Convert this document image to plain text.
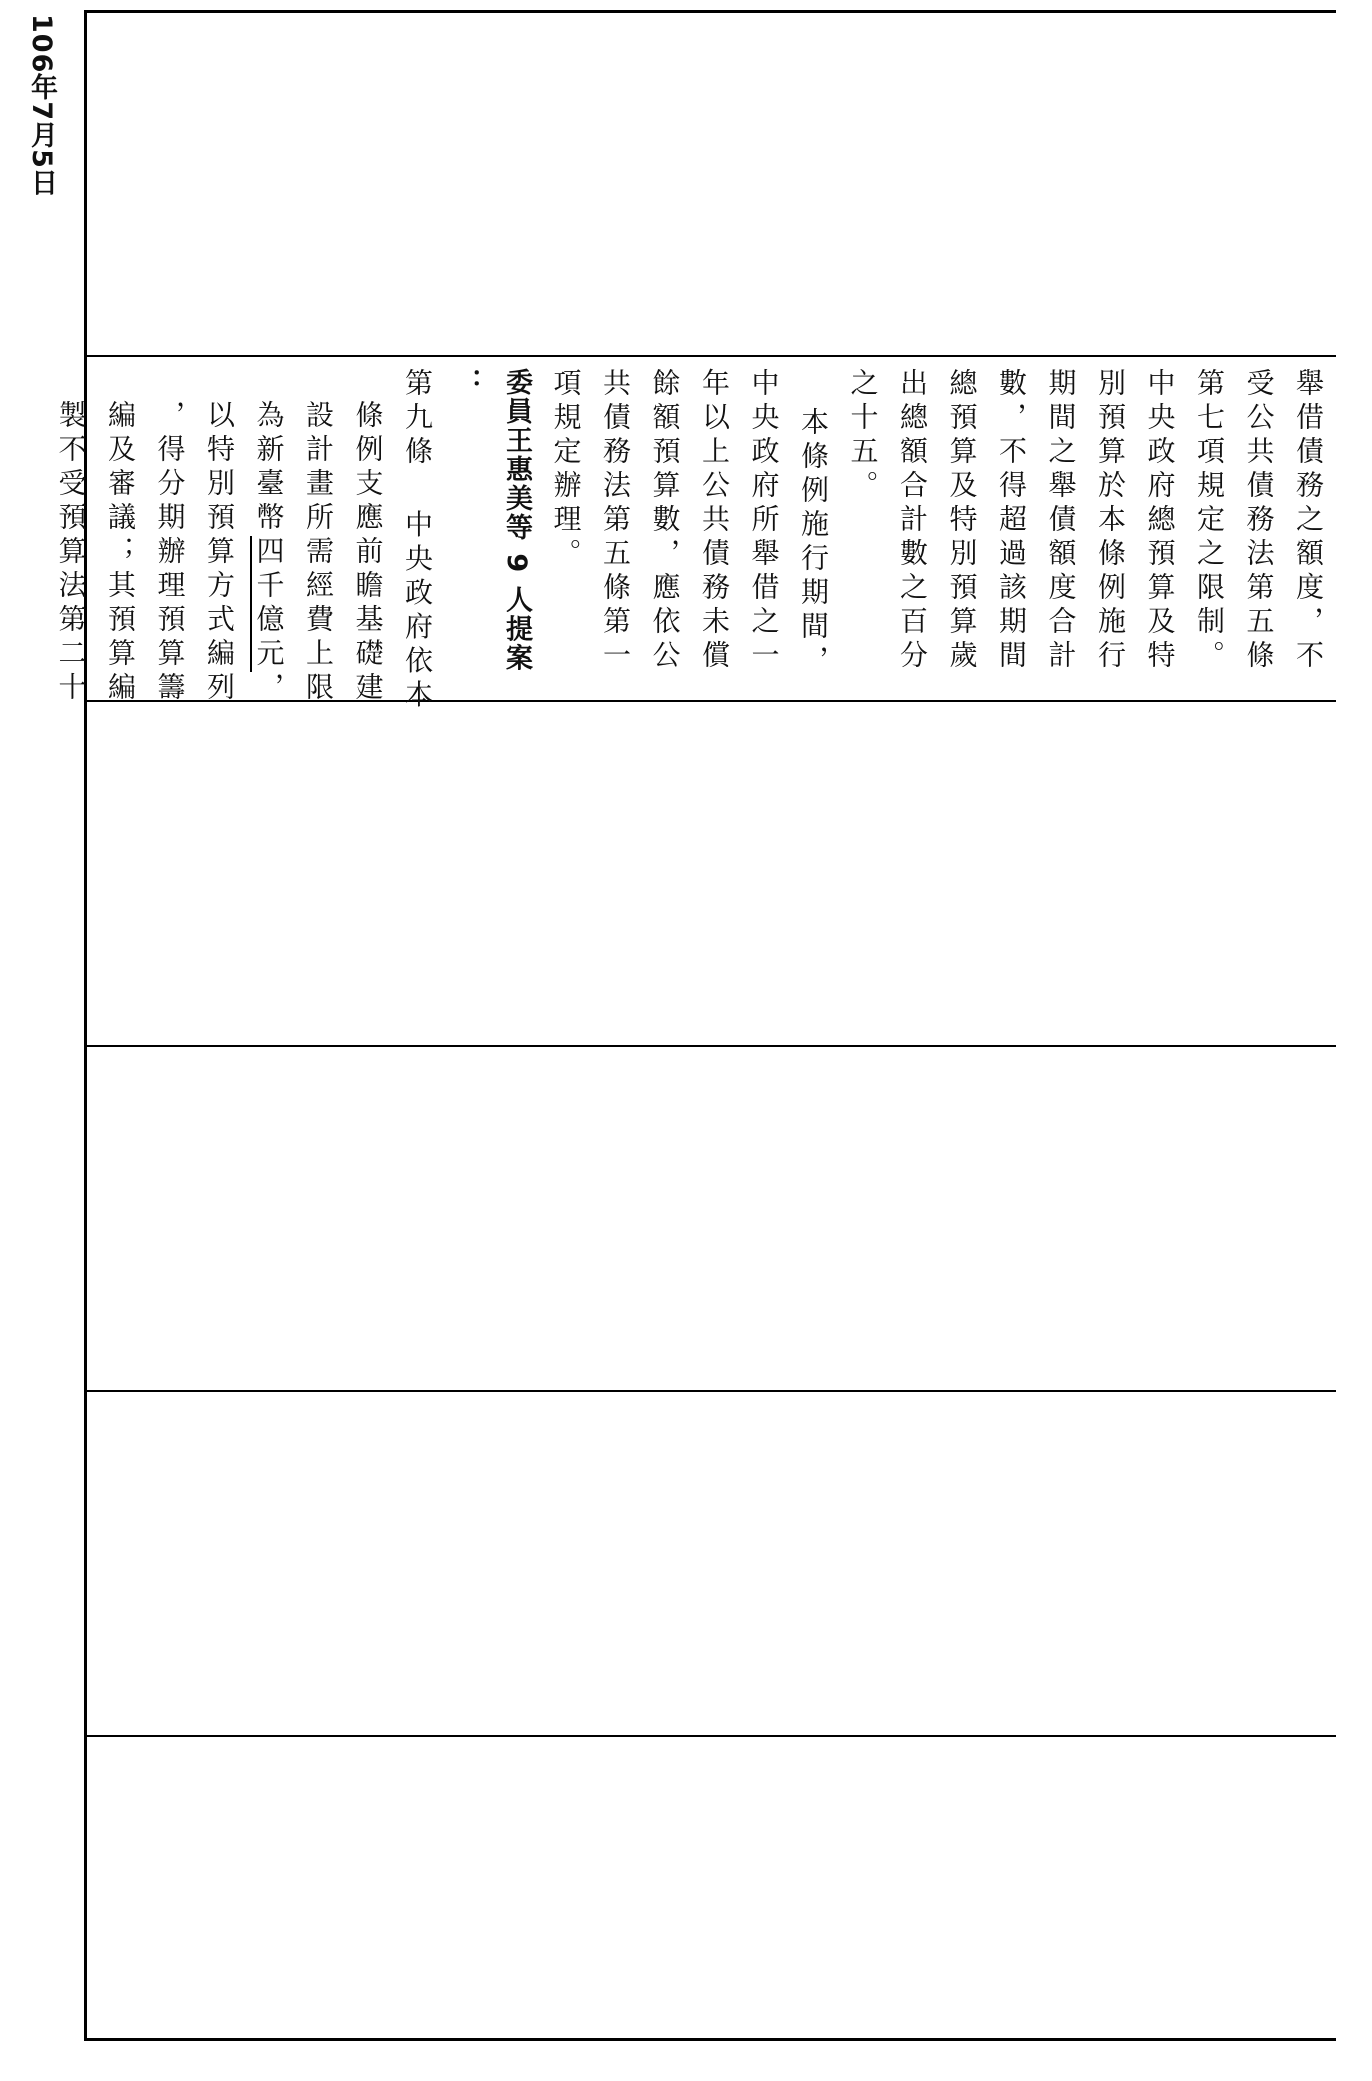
106年7月5日
舉借債務之額度，不
受公共債務法第五條
第七項規定之限制。
中央政府總預算及特
別預算於本條例施行
期間之舉債額度合計
數，不得超過該期間
總預算及特別預算歲
出總額合計數之百分
之十五。
本條例施行期間，
中央政府所舉借之一
年以上公共債務未償
餘額預算數，應依公
共債務法第五條第一
項規定辦理。
委員王惠美等 9 人提案
：
第九條中央政府依本
條例支應前瞻基礎建
設計畫所需經費上限
為新臺幣四千億元，
以特別預算方式編列
，得分期辦理預算籌
編及審議；其預算編
製不受預算法第二十
